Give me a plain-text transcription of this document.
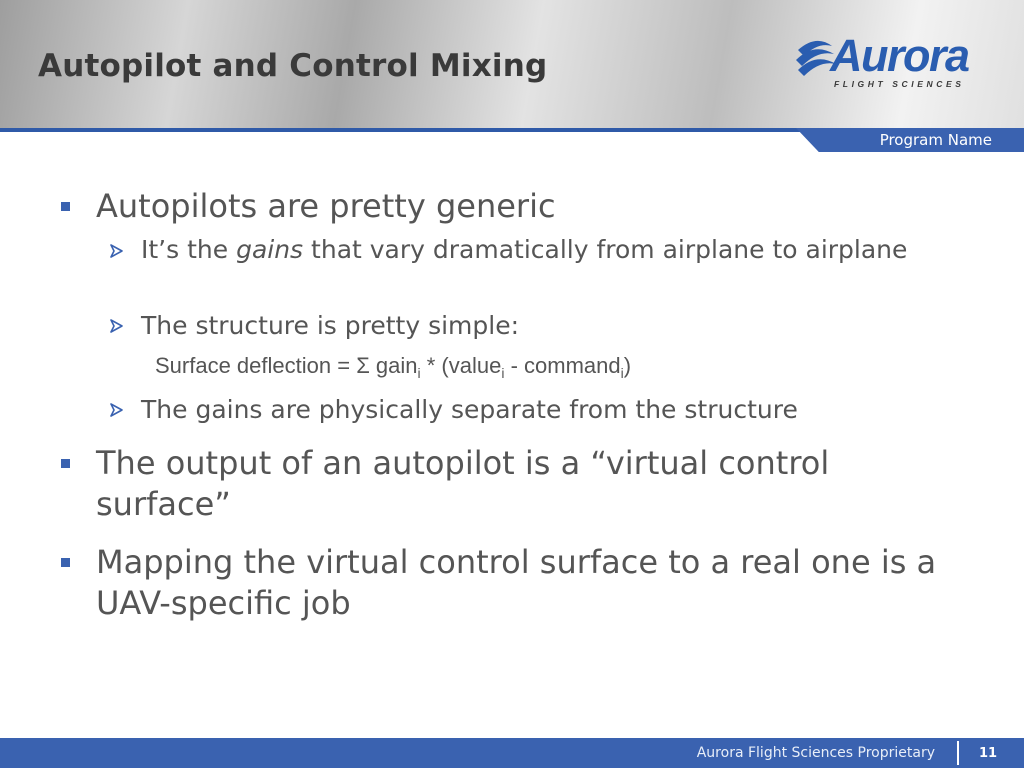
Autopilot and Control Mixing	Aurora
FLIGHT SCIENCES
Program Name
Autopilots are pretty generic
It’s the gains that vary dramatically from airplane to airplane
The structure is pretty simple:
Surface deflection = Σ gain$_i$ * (value$_i$ - command$_i$)
The gains are physically separate from the structure
The output of an autopilot is a “virtual control surface”
Mapping the virtual control surface to a real one is a UAV-specific job
Aurora Flight Sciences Proprietary	11
